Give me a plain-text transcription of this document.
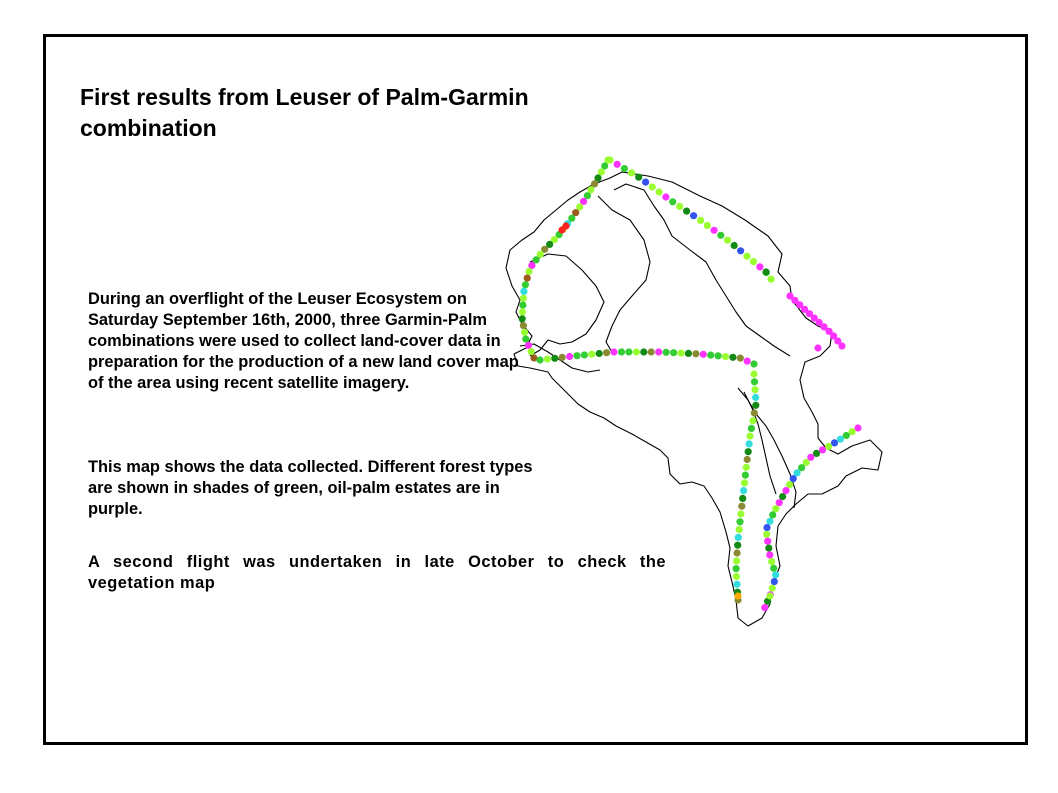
First results from Leuser of Palm-Garmin combination

During an overflight of the Leuser Ecosystem on Saturday September 16th, 2000, three Garmin-Palm combinations were used to collect land-cover data in preparation for the production of a new land cover map of the area using recent satellite imagery.

This map shows the data collected. Different forest types are shown in shades of green, oil-palm estates are in purple.

A second flight was undertaken in late October to check the vegetation map
